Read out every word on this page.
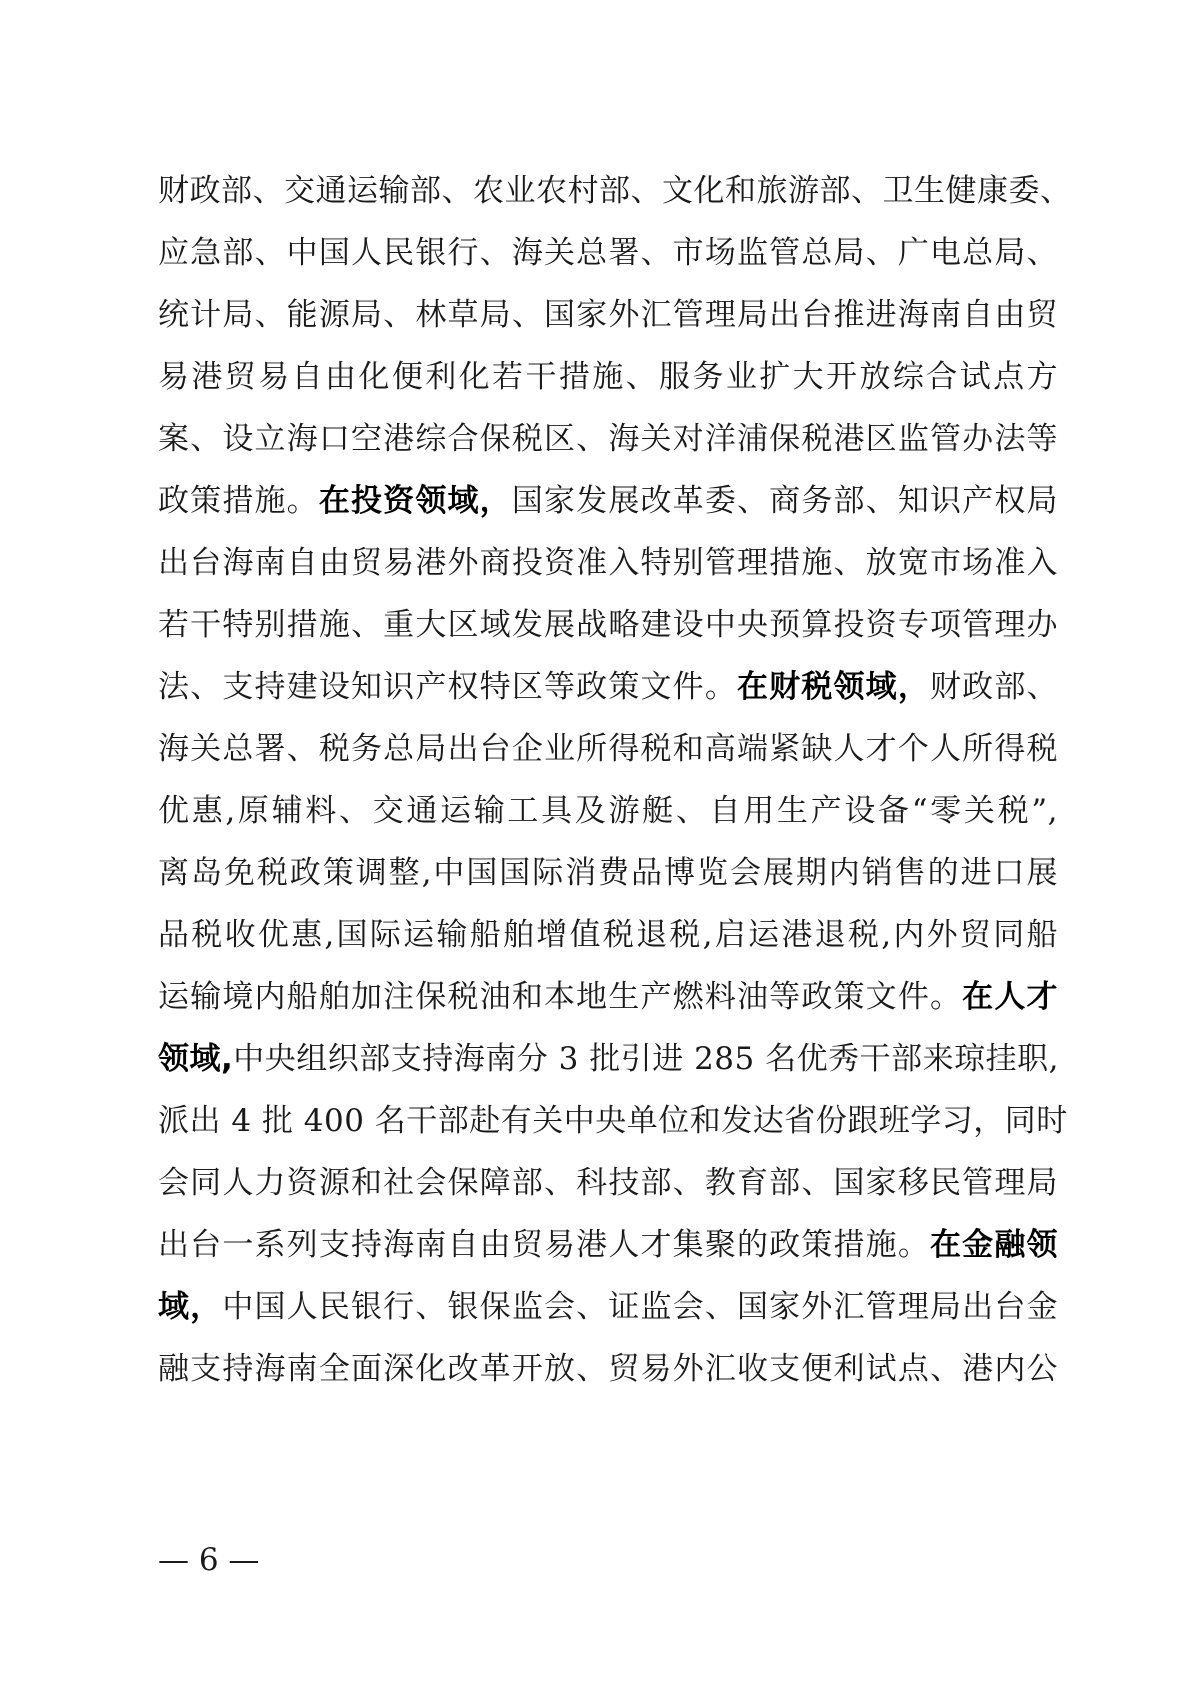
财政部、交通运输部、农业农村部、文化和旅游部、卫生健康委、
应急部、中国人民银行、海关总署、市场监管总局、广电总局、
统计局、能源局、林草局、国家外汇管理局出台推进海南自由贸
易港贸易自由化便利化若干措施、服务业扩大开放综合试点方
案、设立海口空港综合保税区、海关对洋浦保税港区监管办法等
政策措施。在投资领域，国家发展改革委、商务部、知识产权局
出台海南自由贸易港外商投资准入特别管理措施、放宽市场准入
若干特别措施、重大区域发展战略建设中央预算投资专项管理办
法、支持建设知识产权特区等政策文件。在财税领域，财政部、
海关总署、税务总局出台企业所得税和高端紧缺人才个人所得税
优惠,原辅料、交通运输工具及游艇、自用生产设备“零关税”,
离岛免税政策调整,中国国际消费品博览会展期内销售的进口展
品税收优惠,国际运输船舶增值税退税,启运港退税,内外贸同船
运输境内船舶加注保税油和本地生产燃料油等政策文件。在人才
领域,中央组织部支持海南分 3 批引进 285 名优秀干部来琼挂职,
派出 4 批 400 名干部赴有关中央单位和发达省份跟班学习，同时
会同人力资源和社会保障部、科技部、教育部、国家移民管理局
出台一系列支持海南自由贸易港人才集聚的政策措施。在金融领
域，中国人民银行、银保监会、证监会、国家外汇管理局出台金
融支持海南全面深化改革开放、贸易外汇收支便利试点、港内公
— 6 —
